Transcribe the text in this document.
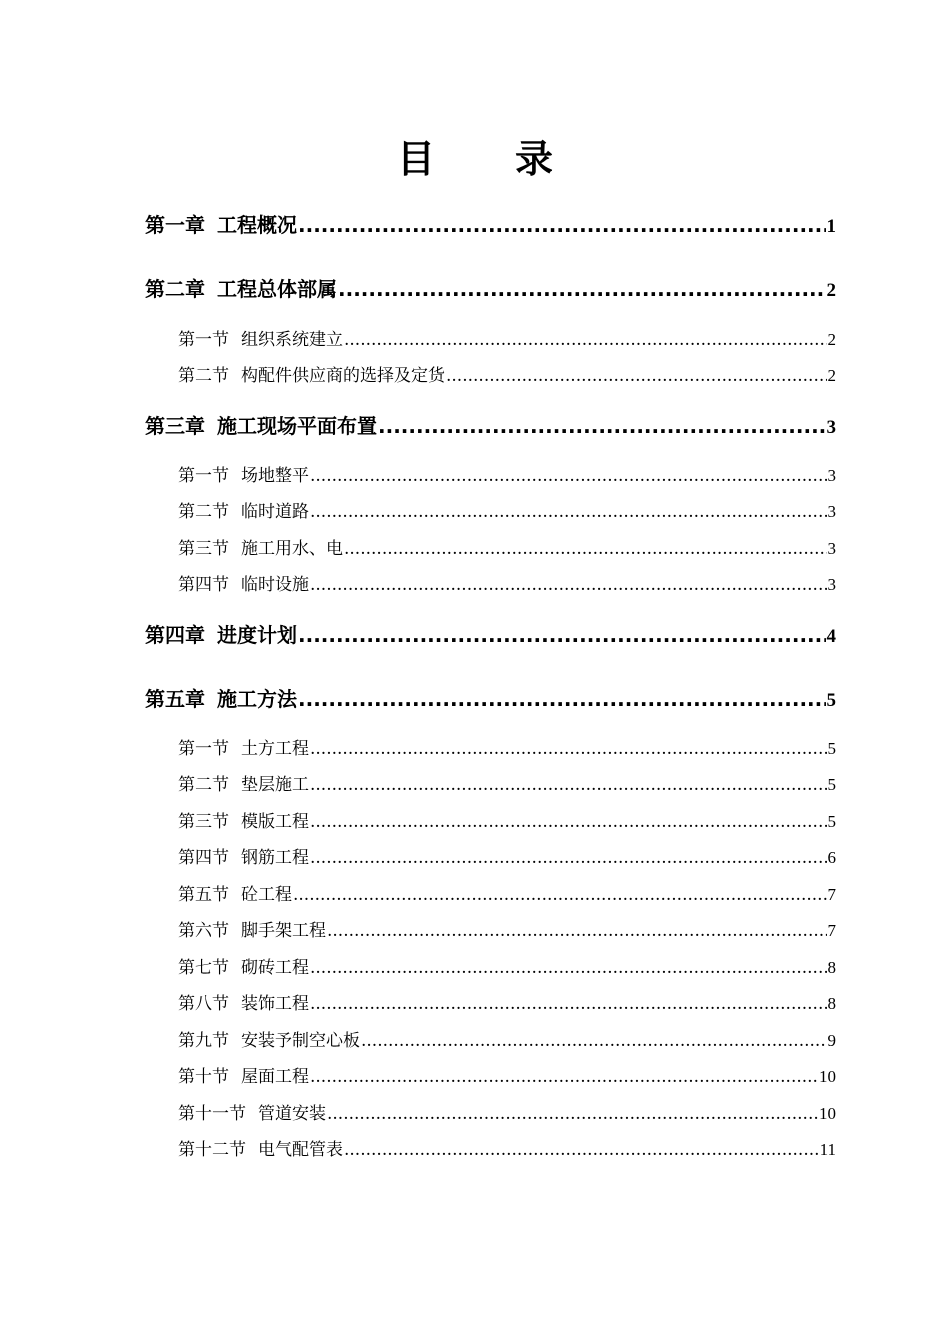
目 录
第一章 工程概况 .....	1
第二章 工程总体部属 .....	2
第一节 组织系统建立 .....	2
第二节 构配件供应商的选择及定货 .....	2
第三章 施工现场平面布置 .....	3
第一节 场地整平 .....	3
第二节 临时道路 .....	3
第三节 施工用水、电 .....	3
第四节 临时设施 .....	3
第四章 进度计划 .....	4
第五章 施工方法 .....	5
第一节 土方工程 .....	5
第二节 垫层施工 .....	5
第三节 模版工程 .....	5
第四节 钢筋工程 .....	6
第五节 砼工程 .....	7
第六节 脚手架工程 .....	7
第七节 砌砖工程 .....	8
第八节 装饰工程 .....	8
第九节 安装予制空心板 .....	9
第十节 屋面工程 .....	10
第十一节 管道安装 .....	10
第十二节 电气配管表 .....	11
